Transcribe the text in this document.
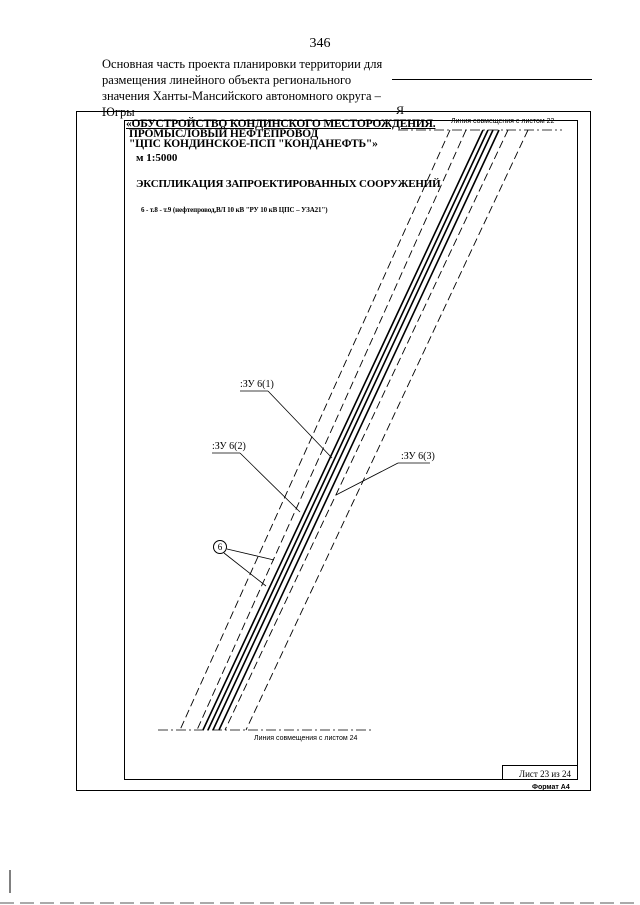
346
Основная часть проекта планировки территории для
размещения линейного объекта регионального
значения Ханты-Мансийского автономного округа –
Югры	Я
«ОБУСТРОЙСТВО КОНДИНСКОГО МЕСТОРОЖДЕНИЯ.
ПРОМЫСЛОВЫЙ НЕФТЕПРОВОД
"ЦПС КОНДИНСКОЕ-ПСП "КОНДАНЕФТЬ"»
м 1:5000
ЭКСПЛИКАЦИЯ ЗАПРОЕКТИРОВАННЫХ СООРУЖЕНИЙ
6 - т.8 - т.9 (нефтепровод,ВЛ 10 кВ "РУ 10 кВ ЦПС – УЗА21")
Линия совмещения с листом 22
Линия совмещения с листом 24
:ЗУ 6(1)
:ЗУ 6(2)
:ЗУ 6(3)
6
Лист 23 из 24
Формат А4
